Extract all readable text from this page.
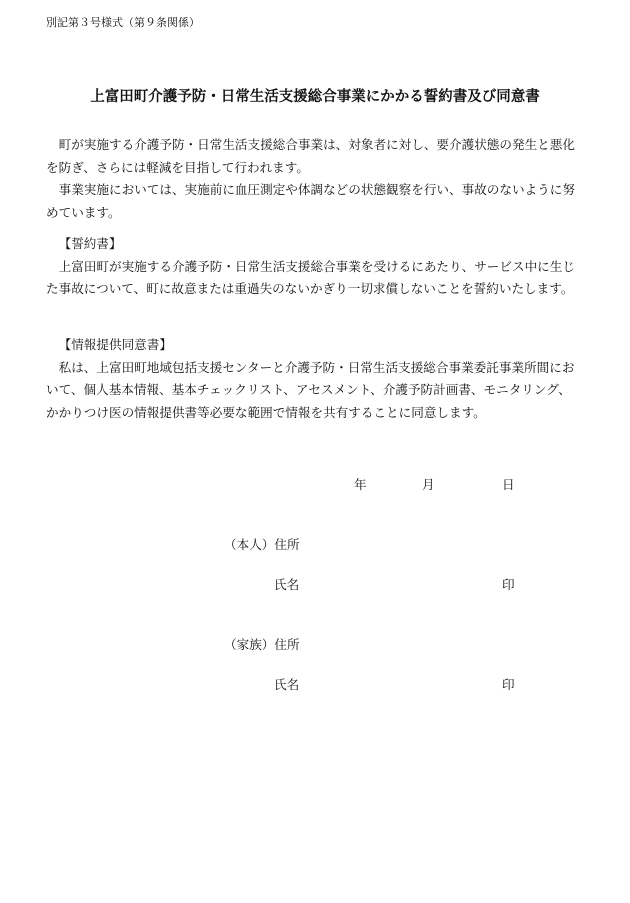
別記第３号様式（第９条関係）
上富田町介護予防・日常生活支援総合事業にかかる誓約書及び同意書

町が実施する介護予防・日常生活支援総合事業は、対象者に対し、要介護状態の発生と悪化を防ぎ、さらには軽減を目指して行われます。

事業実施においては、実施前に血圧測定や体調などの状態観察を行い、事故のないように努めています。

【誓約書】

上富田町が実施する介護予防・日常生活支援総合事業を受けるにあたり、サービス中に生じた事故について、町に故意または重過失のないかぎり一切求償しないことを誓約いたします。

【情報提供同意書】

私は、上富田町地域包括支援センターと介護予防・日常生活支援総合事業委託事業所間において、個人基本情報、基本チェックリスト、アセスメント、介護予防計画書、モニタリング、かかりつけ医の情報提供書等必要な範囲で情報を共有することに同意します。

年	月	日
（本人）住所
氏名	印
（家族）住所
氏名	印
